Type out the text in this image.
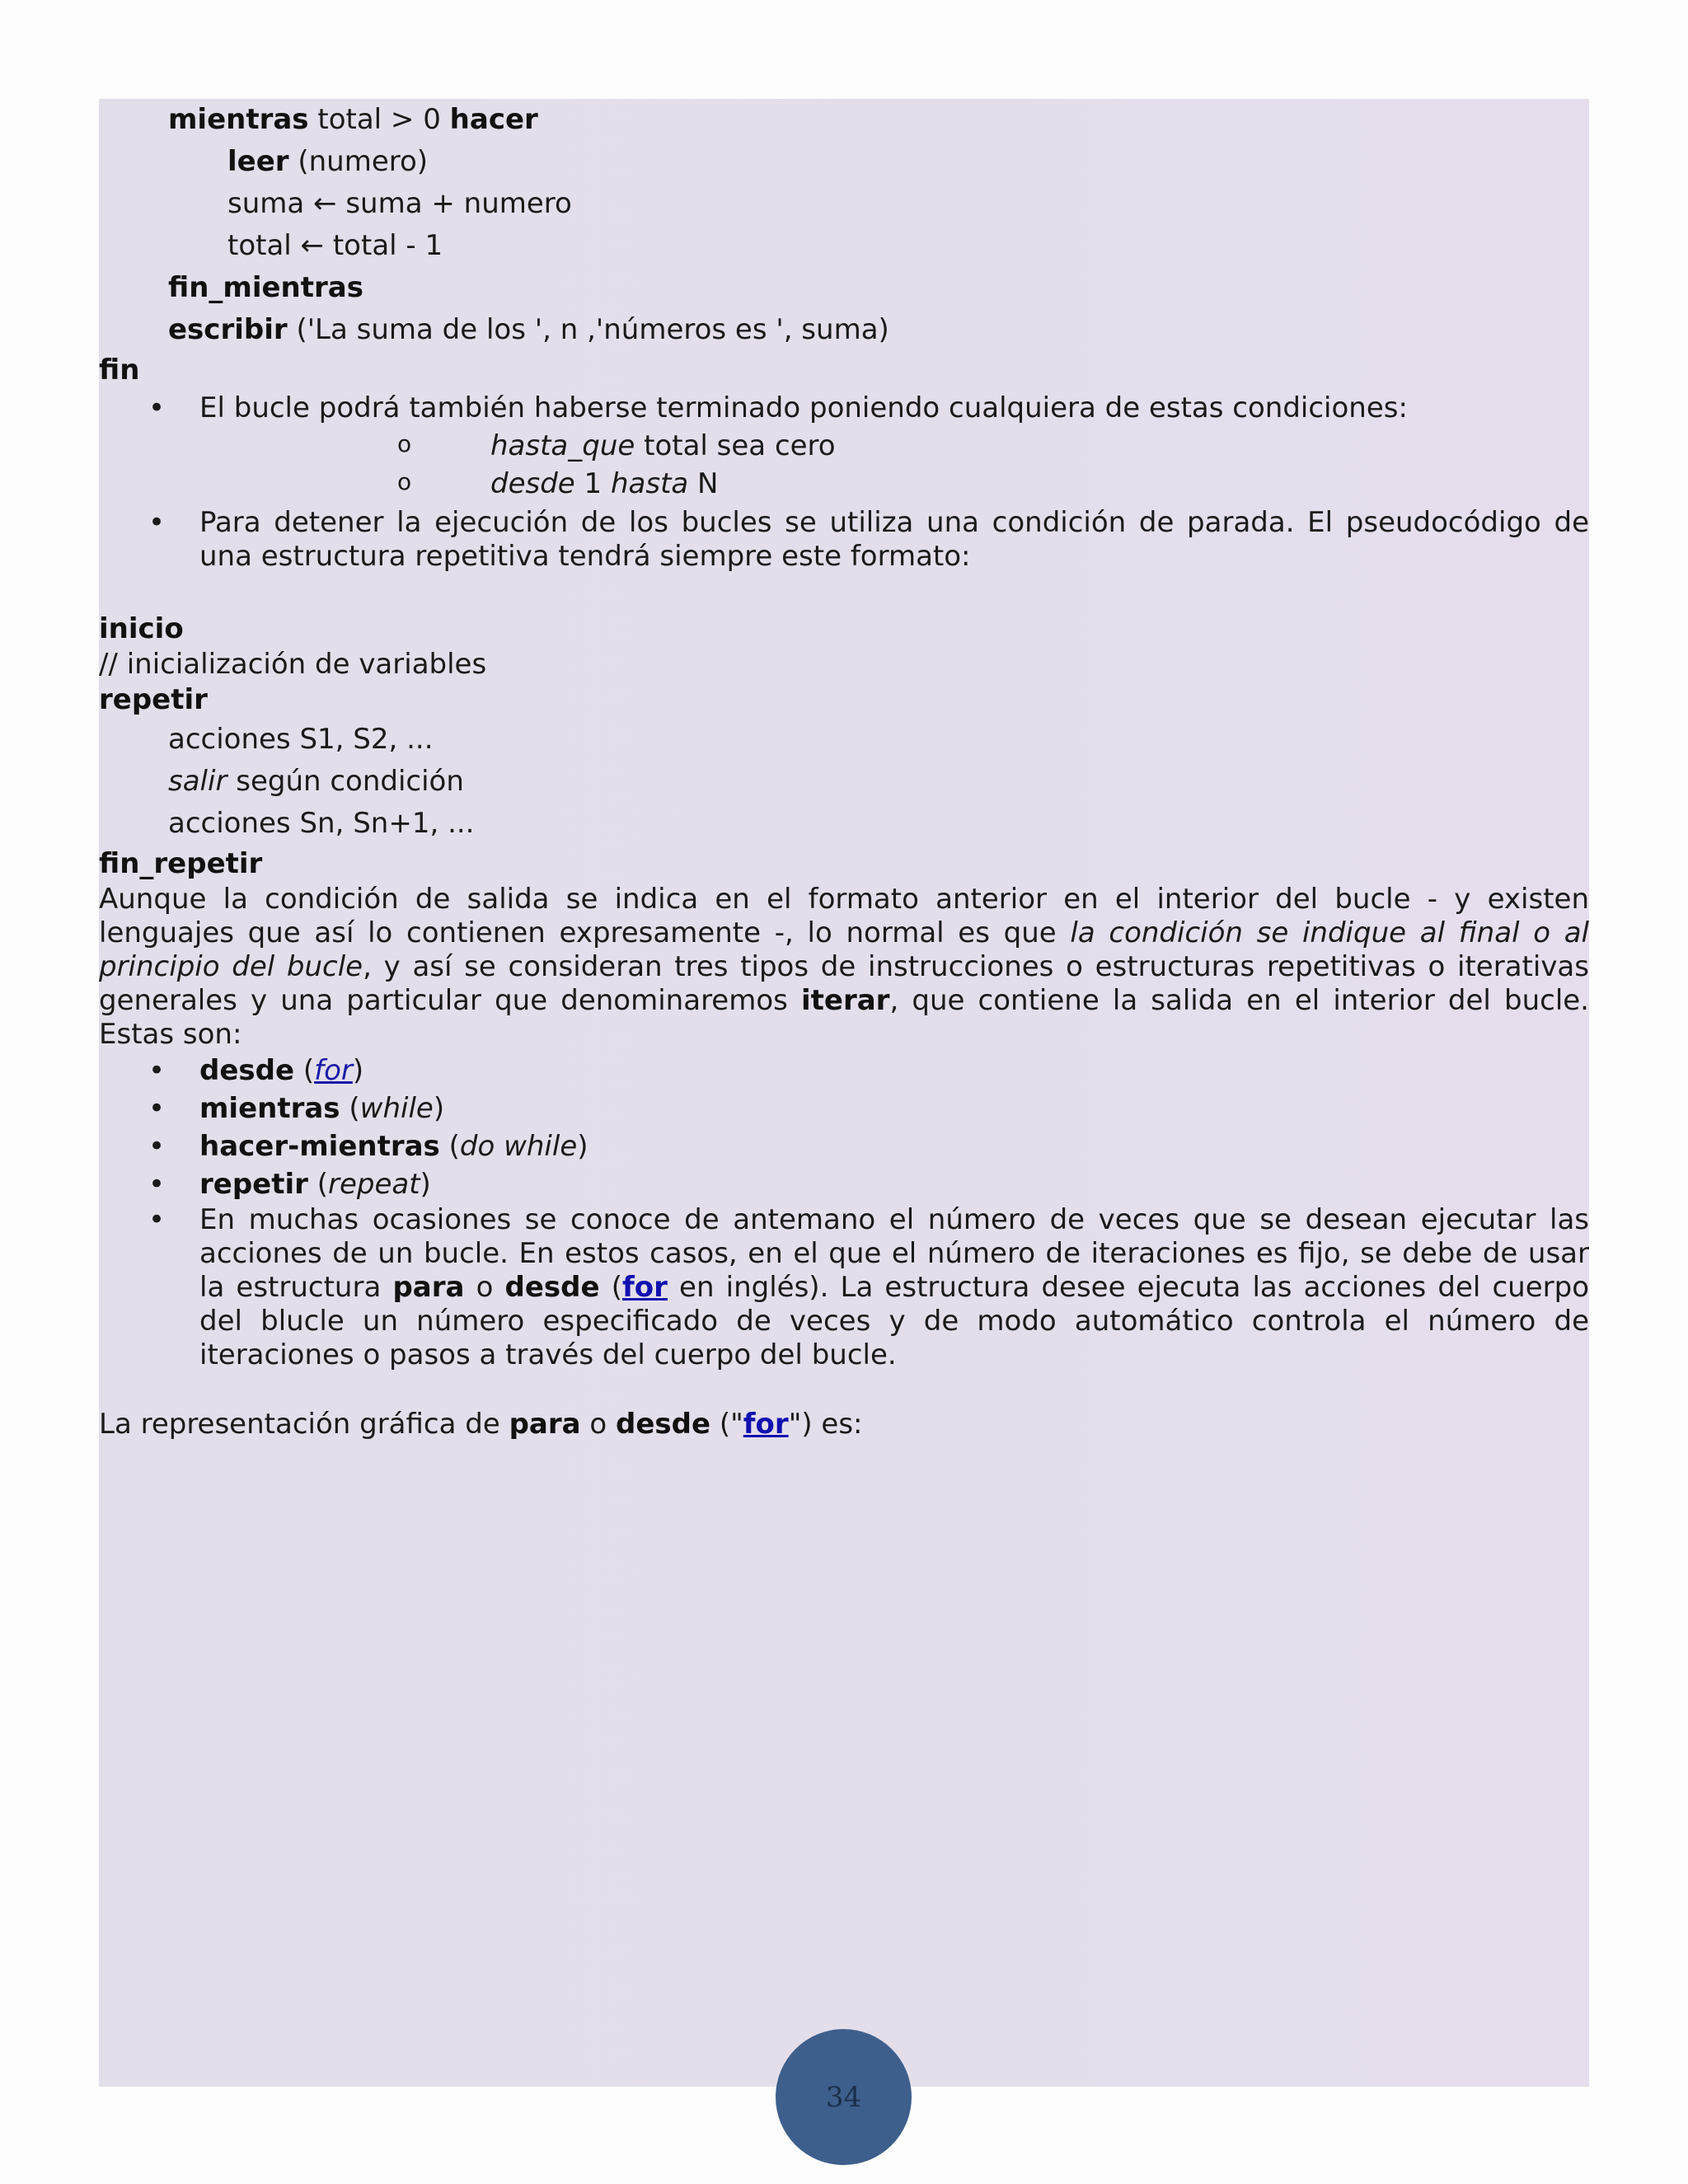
mientras total > 0 hacer
leer (numero)
suma ← suma + numero
total ← total - 1
fin_mientras
escribir ('La suma de los ', n ,'números es ', suma)
fin
• El bucle podrá también haberse terminado poniendo cualquiera de estas condiciones:
o hasta_que total sea cero
o desde 1 hasta N
• Para detener la ejecución de los bucles se utiliza una condición de parada. El pseudocódigo de una estructura repetitiva tendrá siempre este formato:
inicio
// inicialización de variables
repetir
acciones S1, S2, ...
salir según condición
acciones Sn, Sn+1, ...
fin_repetir
Aunque la condición de salida se indica en el formato anterior en el interior del bucle - y existen lenguajes que así lo contienen expresamente -, lo normal es que la condición se indique al final o al principio del bucle, y así se consideran tres tipos de instrucciones o estructuras repetitivas o iterativas generales y una particular que denominaremos iterar, que contiene la salida en el interior del bucle. Estas son:
• desde (for)
• mientras (while)
• hacer-mientras (do while)
• repetir (repeat)
• En muchas ocasiones se conoce de antemano el número de veces que se desean ejecutar las acciones de un bucle. En estos casos, en el que el número de iteraciones es fijo, se debe de usar la estructura para o desde (for en inglés). La estructura desee ejecuta las acciones del cuerpo del blucle un número especificado de veces y de modo automático controla el número de iteraciones o pasos a través del cuerpo del bucle.
La representación gráfica de para o desde ("for") es:
34
